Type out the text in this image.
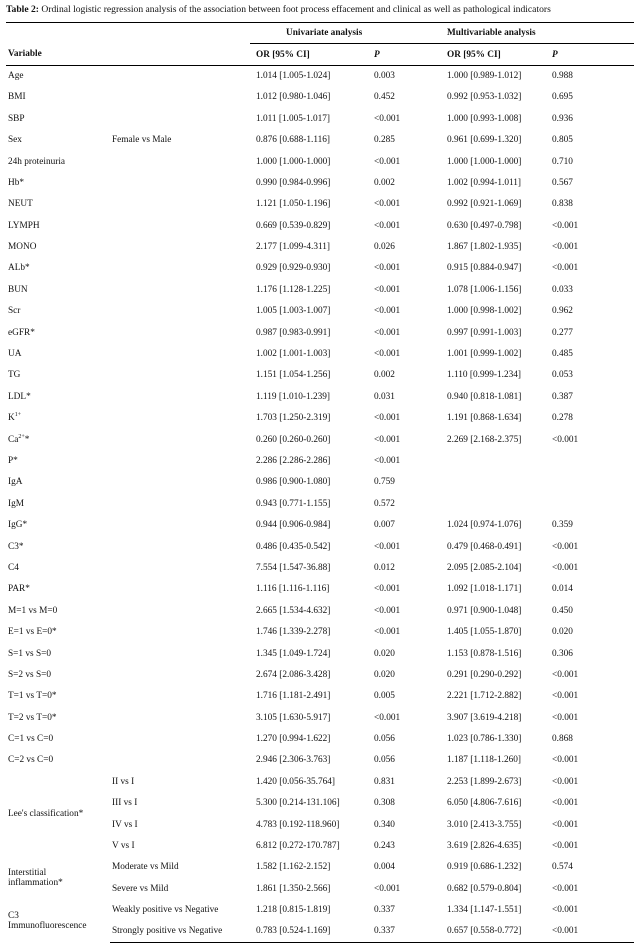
Table 2: Ordinal logistic regression analysis of the association between foot process effacement and clinical as well as pathological indicators
		Univariate analysis		Multivariable analysis	
Variable		OR [95% CI]	P	OR [95% CI]	P
Age		1.014 [1.005-1.024]	0.003	1.000 [0.989-1.012]	0.988
BMI		1.012 [0.980-1.046]	0.452	0.992 [0.953-1.032]	0.695
SBP		1.011 [1.005-1.017]	<0.001	1.000 [0.993-1.008]	0.936
Sex	Female vs Male	0.876 [0.688-1.116]	0.285	0.961 [0.699-1.320]	0.805
24h proteinuria		1.000 [1.000-1.000]	<0.001	1.000 [1.000-1.000]	0.710
Hb*		0.990 [0.984-0.996]	0.002	1.002 [0.994-1.011]	0.567
NEUT		1.121 [1.050-1.196]	<0.001	0.992 [0.921-1.069]	0.838
LYMPH		0.669 [0.539-0.829]	<0.001	0.630 [0.497-0.798]	<0.001
MONO		2.177 [1.099-4.311]	0.026	1.867 [1.802-1.935]	<0.001
ALb*		0.929 [0.929-0.930]	<0.001	0.915 [0.884-0.947]	<0.001
BUN		1.176 [1.128-1.225]	<0.001	1.078 [1.006-1.156]	0.033
Scr		1.005 [1.003-1.007]	<0.001	1.000 [0.998-1.002]	0.962
eGFR*		0.987 [0.983-0.991]	<0.001	0.997 [0.991-1.003]	0.277
UA		1.002 [1.001-1.003]	<0.001	1.001 [0.999-1.002]	0.485
TG		1.151 [1.054-1.256]	0.002	1.110 [0.999-1.234]	0.053
LDL*		1.119 [1.010-1.239]	0.031	0.940 [0.818-1.081]	0.387
$K^{1+}$		1.703 [1.250-2.319]	<0.001	1.191 [0.868-1.634]	0.278
$Ca^{2+}*$		0.260 [0.260-0.260]	<0.001	2.269 [2.168-2.375]	<0.001
P*		2.286 [2.286-2.286]	<0.001		
IgA		0.986 [0.900-1.080]	0.759		
IgM		0.943 [0.771-1.155]	0.572		
IgG*		0.944 [0.906-0.984]	0.007	1.024 [0.974-1.076]	0.359
C3*		0.486 [0.435-0.542]	<0.001	0.479 [0.468-0.491]	<0.001
C4		7.554 [1.547-36.88]	0.012	2.095 [2.085-2.104]	<0.001
PAR*		1.116 [1.116-1.116]	<0.001	1.092 [1.018-1.171]	0.014
M=1 vs M=0		2.665 [1.534-4.632]	<0.001	0.971 [0.900-1.048]	0.450
E=1 vs E=0*		1.746 [1.339-2.278]	<0.001	1.405 [1.055-1.870]	0.020
S=1 vs S=0		1.345 [1.049-1.724]	0.020	1.153 [0.878-1.516]	0.306
S=2 vs S=0		2.674 [2.086-3.428]	0.020	0.291 [0.290-0.292]	<0.001
T=1 vs T=0*		1.716 [1.181-2.491]	0.005	2.221 [1.712-2.882]	<0.001
T=2 vs T=0*		3.105 [1.630-5.917]	<0.001	3.907 [3.619-4.218]	<0.001
C=1 vs C=0		1.270 [0.994-1.622]	0.056	1.023 [0.786-1.330]	0.868
C=2 vs C=0		2.946 [2.306-3.763]	0.056	1.187 [1.118-1.260]	<0.001
Lee's classification*	II vs I	1.420 [0.056-35.764]	0.831	2.253 [1.899-2.673]	<0.001
	III vs I	5.300 [0.214-131.106]	0.308	6.050 [4.806-7.616]	<0.001
	IV vs I	4.783 [0.192-118.960]	0.340	3.010 [2.413-3.755]	<0.001
	V vs I	6.812 [0.272-170.787]	0.243	3.619 [2.826-4.635]	<0.001
Interstitial
inflammation*	Moderate vs Mild	1.582 [1.162-2.152]	0.004	0.919 [0.686-1.232]	0.574
	Severe vs Mild	1.861 [1.350-2.566]	<0.001	0.682 [0.579-0.804]	<0.001
C3
Immunofluorescence	Weakly positive vs Negative	1.218 [0.815-1.819]	0.337	1.334 [1.147-1.551]	<0.001
	Strongly positive vs Negative	0.783 [0.524-1.169]	0.337	0.657 [0.558-0.772]	<0.001
